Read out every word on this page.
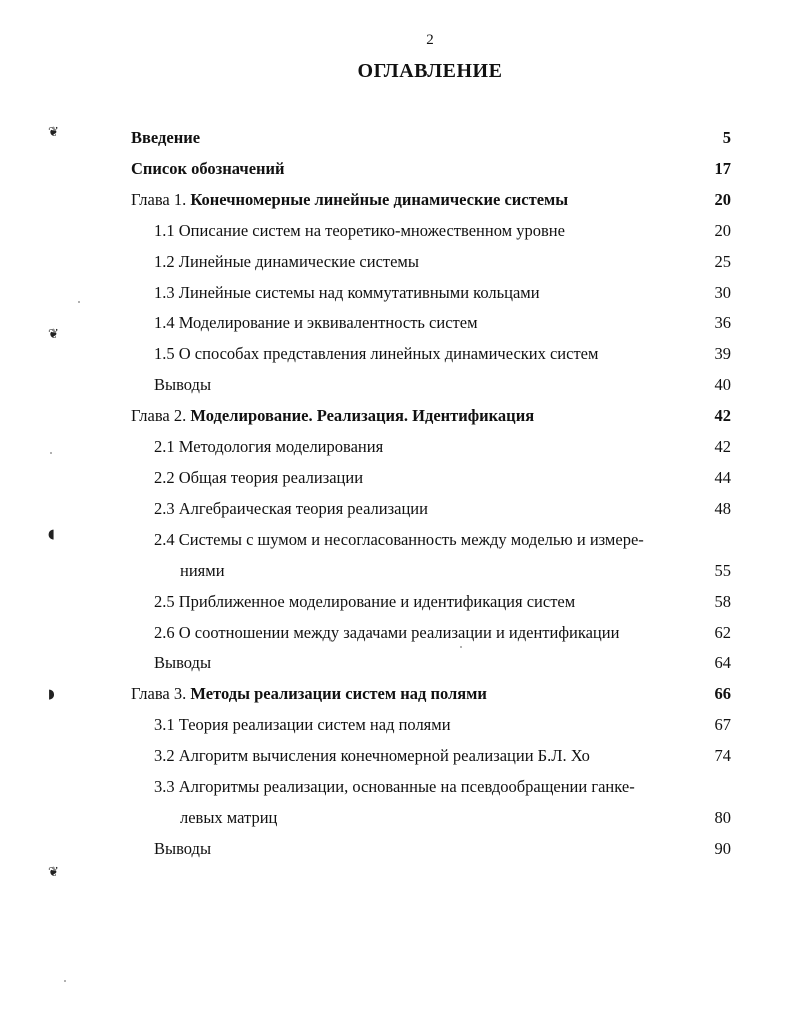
2
ОГЛАВЛЕНИЕ
❦
❦
◖
◗
❦
Введение	5
Список обозначений	17
Глава 1. Конечномерные линейные динамические системы	20
1.1 Описание систем на теоретико-множественном уровне	20
1.2 Линейные динамические системы	25
1.3 Линейные системы над коммутативными кольцами	30
1.4 Моделирование и эквивалентность систем	36
1.5 О способах представления линейных динамических систем	39
Выводы	40
Глава 2. Моделирование. Реализация. Идентификация	42
2.1 Методология моделирования	42
2.2 Общая теория реализации	44
2.3 Алгебраическая теория реализации	48
2.4 Системы с шумом и несогласованность между моделью и измере-
ниями	55
2.5 Приближенное моделирование и идентификация систем	58
2.6 О соотношении между задачами реализации и идентификации	62
Выводы	64
Глава 3. Методы реализации систем над полями	66
3.1 Теория реализации систем над полями	67
3.2 Алгоритм вычисления конечномерной реализации Б.Л. Хо	74
3.3 Алгоритмы реализации, основанные на псевдообращении ганке-
левых матриц	80
Выводы	90
